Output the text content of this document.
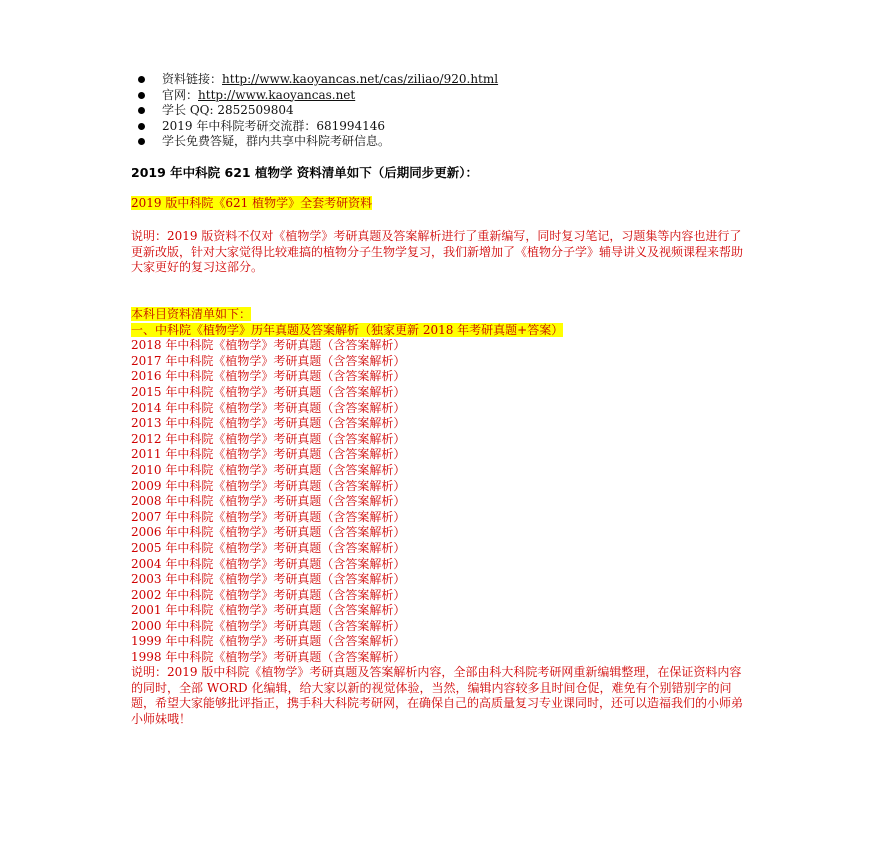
资料链接： http://www.kaoyancas.net/cas/ziliao/920.html
官网： http://www.kaoyancas.net
学长 QQ: 2852509804
2019 年中科院考研交流群：681994146
学长免费答疑，群内共享中科院考研信息。
2019 年中科院 621 植物学 资料清单如下（后期同步更新）：
2019 版中科院《621 植物学》全套考研资料

说明：2019 版资料不仅对《植物学》考研真题及答案解析进行了重新编写，同时复习笔记，习题集等内容也进行了更新改版，针对大家觉得比较难搞的植物分子生物学复习，我们新增加了《植物分子学》辅导讲义及视频课程来帮助大家更好的复习这部分。

本科目资料清单如下：
一、中科院《植物学》历年真题及答案解析（独家更新 2018 年考研真题+答案）
2018 年中科院《植物学》考研真题（含答案解析）
2017 年中科院《植物学》考研真题（含答案解析）
2016 年中科院《植物学》考研真题（含答案解析）
2015 年中科院《植物学》考研真题（含答案解析）
2014 年中科院《植物学》考研真题（含答案解析）
2013 年中科院《植物学》考研真题（含答案解析）
2012 年中科院《植物学》考研真题（含答案解析）
2011 年中科院《植物学》考研真题（含答案解析）
2010 年中科院《植物学》考研真题（含答案解析）
2009 年中科院《植物学》考研真题（含答案解析）
2008 年中科院《植物学》考研真题（含答案解析）
2007 年中科院《植物学》考研真题（含答案解析）
2006 年中科院《植物学》考研真题（含答案解析）
2005 年中科院《植物学》考研真题（含答案解析）
2004 年中科院《植物学》考研真题（含答案解析）
2003 年中科院《植物学》考研真题（含答案解析）
2002 年中科院《植物学》考研真题（含答案解析）
2001 年中科院《植物学》考研真题（含答案解析）
2000 年中科院《植物学》考研真题（含答案解析）
1999 年中科院《植物学》考研真题（含答案解析）
1998 年中科院《植物学》考研真题（含答案解析）

说明：2019 版中科院《植物学》考研真题及答案解析内容，全部由科大科院考研网重新编辑整理，在保证资料内容的同时，全部 WORD 化编辑，给大家以新的视觉体验，当然，编辑内容较多且时间仓促，难免有个别错别字的问题，希望大家能够批评指正，携手科大科院考研网，在确保自己的高质量复习专业课同时，还可以造福我们的小师弟小师妹哦！
